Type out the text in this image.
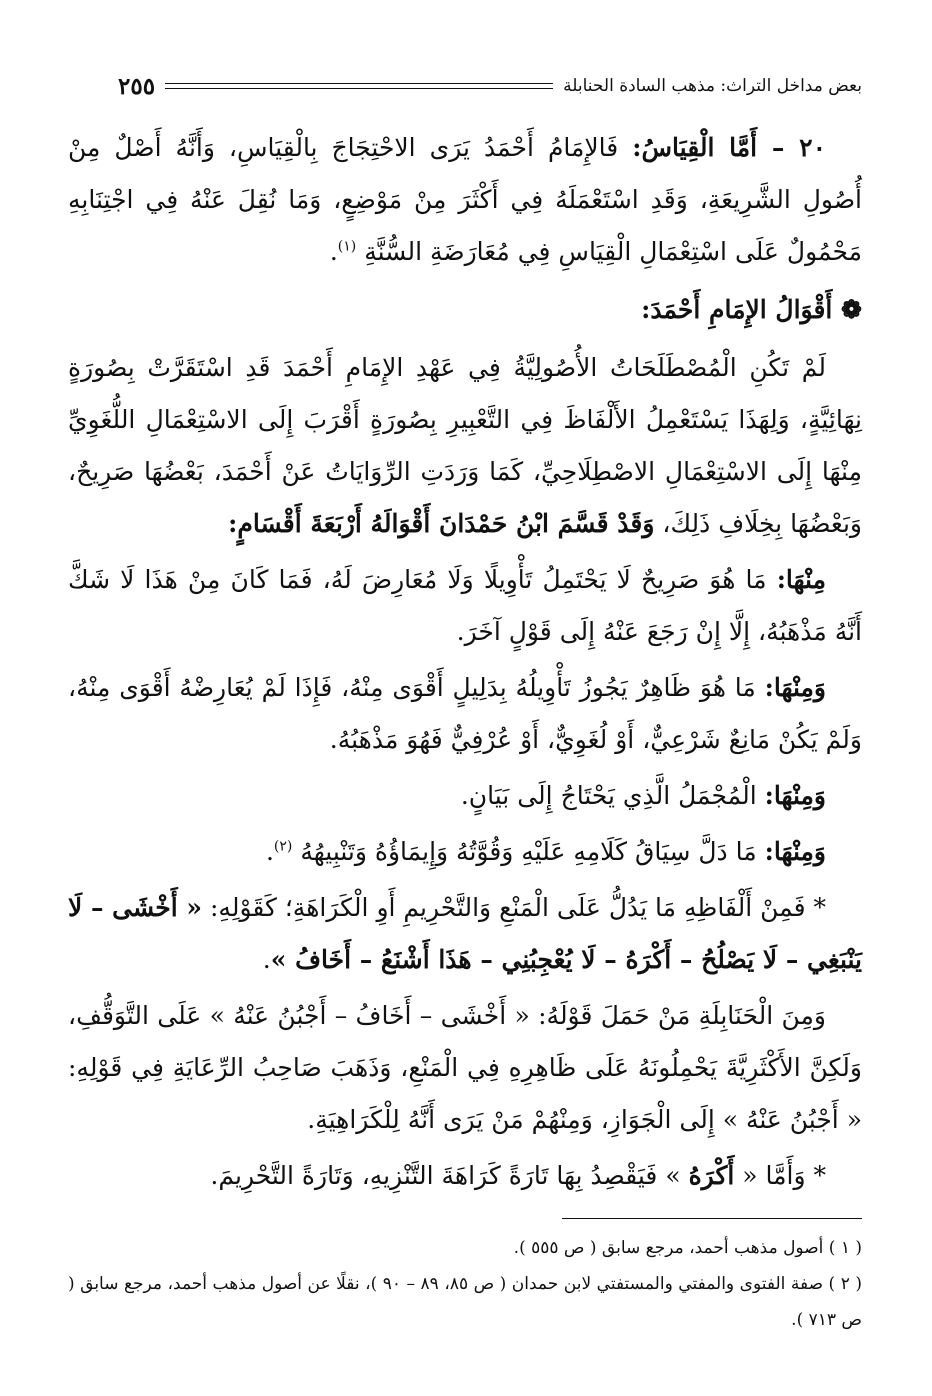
بعض مداخل التراث: مذهب السادة الحنابلة
٢٥٥

٢٠ – أَمَّا الْقِيَاسُ: فَالإِمَامُ أَحْمَدُ يَرَى الاحْتِجَاجَ بِالْقِيَاسِ، وَأَنَّهُ أَصْلٌ مِنْ أُصُولِ الشَّرِيعَةِ، وَقَدِ اسْتَعْمَلَهُ فِي أَكْثَرَ مِنْ مَوْضِعٍ، وَمَا نُقِلَ عَنْهُ فِي اجْتِنَابِهِ مَحْمُولٌ عَلَى اسْتِعْمَالِ الْقِيَاسِ فِي مُعَارَضَةِ السُّنَّةِ $^{(١)}$.

❁ أَقْوَالُ الإِمَامِ أَحْمَدَ:

لَمْ تَكُنِ الْمُصْطَلَحَاتُ الأُصُولِيَّةُ فِي عَهْدِ الإِمَامِ أَحْمَدَ قَدِ اسْتَقَرَّتْ بِصُورَةٍ نِهَائِيَّةٍ، وَلِهَذَا يَسْتَعْمِلُ الأَلْفَاظَ فِي التَّعْبِيرِ بِصُورَةٍ أَقْرَبَ إِلَى الاسْتِعْمَالِ اللُّغَوِيِّ مِنْهَا إِلَى الاسْتِعْمَالِ الاصْطِلَاحِيِّ، كَمَا وَرَدَتِ الرِّوَايَاتُ عَنْ أَحْمَدَ، بَعْضُهَا صَرِيحٌ، وَبَعْضُهَا بِخِلَافِ ذَلِكَ، وَقَدْ قَسَّمَ ابْنُ حَمْدَانَ أَقْوَالَهُ أَرْبَعَةَ أَقْسَامٍ:

مِنْهَا: مَا هُوَ صَرِيحٌ لَا يَحْتَمِلُ تَأْوِيلًا وَلَا مُعَارِضَ لَهُ، فَمَا كَانَ مِنْ هَذَا لَا شَكَّ أَنَّهُ مَذْهَبُهُ، إِلَّا إِنْ رَجَعَ عَنْهُ إِلَى قَوْلٍ آخَرَ.

وَمِنْهَا: مَا هُوَ ظَاهِرٌ يَجُوزُ تَأْوِيلُهُ بِدَلِيلٍ أَقْوَى مِنْهُ، فَإِذَا لَمْ يُعَارِضْهُ أَقْوَى مِنْهُ، وَلَمْ يَكُنْ مَانِعٌ شَرْعِيٌّ، أَوْ لُغَوِيٌّ، أَوْ عُرْفِيٌّ فَهُوَ مَذْهَبُهُ.

وَمِنْهَا: الْمُجْمَلُ الَّذِي يَحْتَاجُ إِلَى بَيَانٍ.

وَمِنْهَا: مَا دَلَّ سِيَاقُ كَلَامِهِ عَلَيْهِ وَقُوَّتُهُ وَإِيمَاؤُهُ وَتَنْبِيهُهُ $^{(٢)}$.

* فَمِنْ أَلْفَاظِهِ مَا يَدُلُّ عَلَى الْمَنْعِ وَالتَّحْرِيمِ أَوِ الْكَرَاهَةِ؛ كَقَوْلِهِ: « أَخْشَى – لَا يَنْبَغِي – لَا يَصْلُحُ – أَكْرَهُ – لَا يُعْجِبُنِي – هَذَا أَشْنَعُ – أَخَافُ ».

وَمِنَ الْحَنَابِلَةِ مَنْ حَمَلَ قَوْلَهُ: « أَخْشَى – أَخَافُ – أَجْبُنُ عَنْهُ » عَلَى التَّوَقُّفِ، وَلَكِنَّ الأَكْثَرِيَّةَ يَحْمِلُونَهُ عَلَى ظَاهِرِهِ فِي الْمَنْعِ، وَذَهَبَ صَاحِبُ الرِّعَايَةِ فِي قَوْلِهِ: « أَجْبُنُ عَنْهُ » إِلَى الْجَوَازِ، وَمِنْهُمْ مَنْ يَرَى أَنَّهُ لِلْكَرَاهِيَةِ.

* وَأَمَّا « أَكْرَهُ » فَيَقْصِدُ بِهَا تَارَةً كَرَاهَةَ التَّنْزِيهِ، وَتَارَةً التَّحْرِيمَ.

( ١ ) أصول مذهب أحمد، مرجع سابق ( ص ٥٥٥ ).

( ٢ ) صفة الفتوى والمفتي والمستفتي لابن حمدان ( ص ٨٥، ٨٩ – ٩٠ )، نقلًا عن أصول مذهب أحمد، مرجع سابق ( ص ٧١٣ ).
